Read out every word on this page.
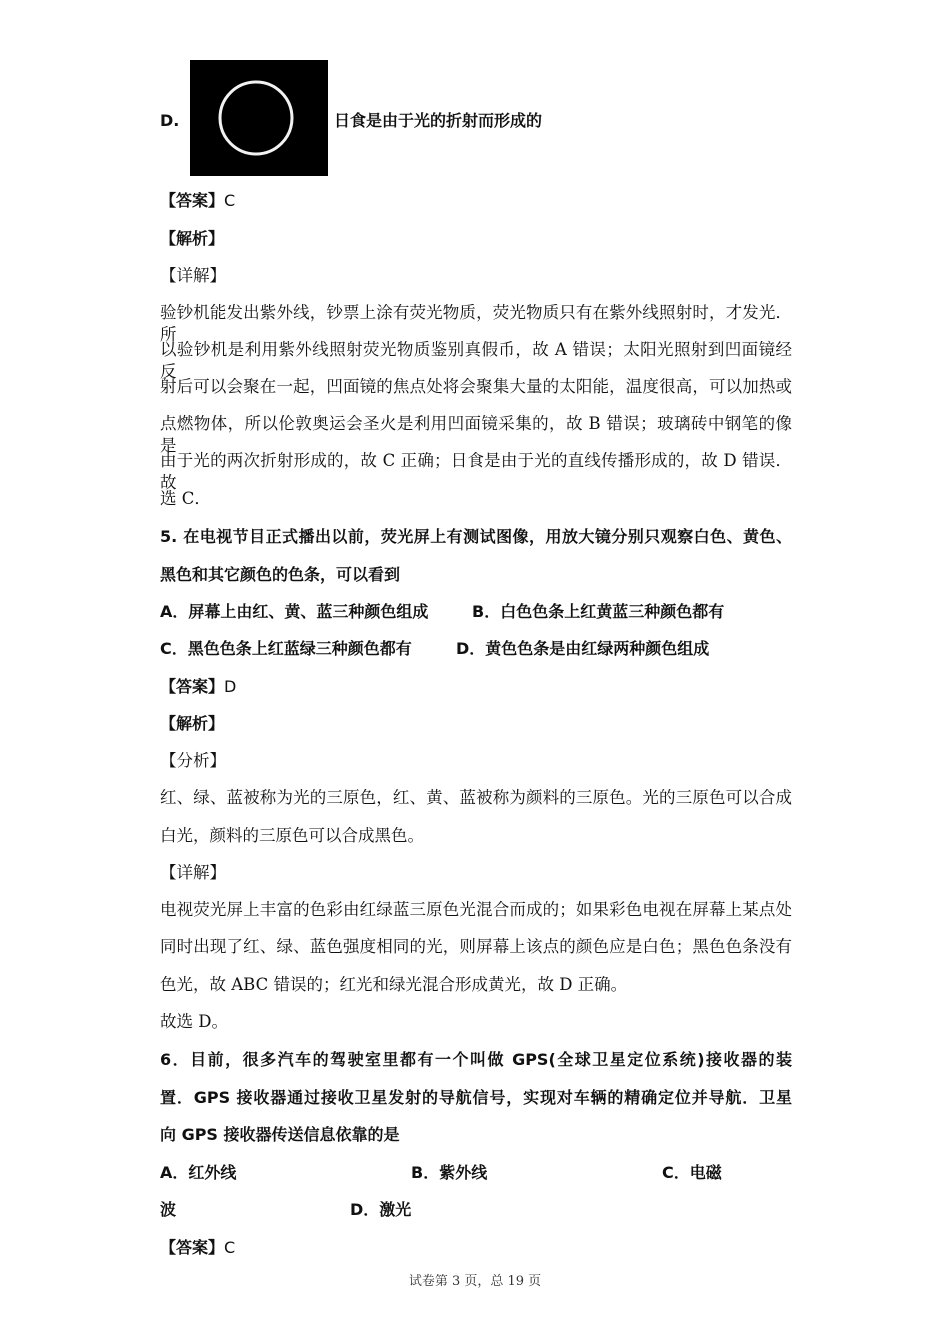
D.	日食是由于光的折射而形成的
【答案】C
【解析】
【详解】
验钞机能发出紫外线，钞票上涂有荧光物质，荧光物质只有在紫外线照射时，才发光．所
以验钞机是利用紫外线照射荧光物质鉴别真假币，故 A 错误；太阳光照射到凹面镜经反
射后可以会聚在一起，凹面镜的焦点处将会聚集大量的太阳能，温度很高，可以加热或
点燃物体，所以伦敦奥运会圣火是利用凹面镜采集的，故 B 错误；玻璃砖中钢笔的像是
由于光的两次折射形成的，故 C 正确；日食是由于光的直线传播形成的，故 D 错误．故
选 C．
5. 在电视节目正式播出以前，荧光屏上有测试图像，用放大镜分别只观察白色、黄色、
黑色和其它颜色的色条，可以看到
A．屏幕上由红、黄、蓝三种颜色组成	B．白色色条上红黄蓝三种颜色都有
C．黑色色条上红蓝绿三种颜色都有	D．黄色色条是由红绿两种颜色组成
【答案】D
【解析】
【分析】
红、绿、蓝被称为光的三原色，红、黄、蓝被称为颜料的三原色。光的三原色可以合成
白光，颜料的三原色可以合成黑色。
【详解】
电视荧光屏上丰富的色彩由红绿蓝三原色光混合而成的；如果彩色电视在屏幕上某点处
同时出现了红、绿、蓝色强度相同的光，则屏幕上该点的颜色应是白色；黑色色条没有
色光，故 ABC 错误的；红光和绿光混合形成黄光，故 D 正确。
故选 D。
6．目前，很多汽车的驾驶室里都有一个叫做 GPS(全球卫星定位系统)接收器的装
置．GPS 接收器通过接收卫星发射的导航信号，实现对车辆的精确定位并导航．卫星
向 GPS 接收器传送信息依靠的是
A．红外线	B．紫外线	C．电磁
波	D．激光
【答案】C
试卷第 3 页，总 19 页
